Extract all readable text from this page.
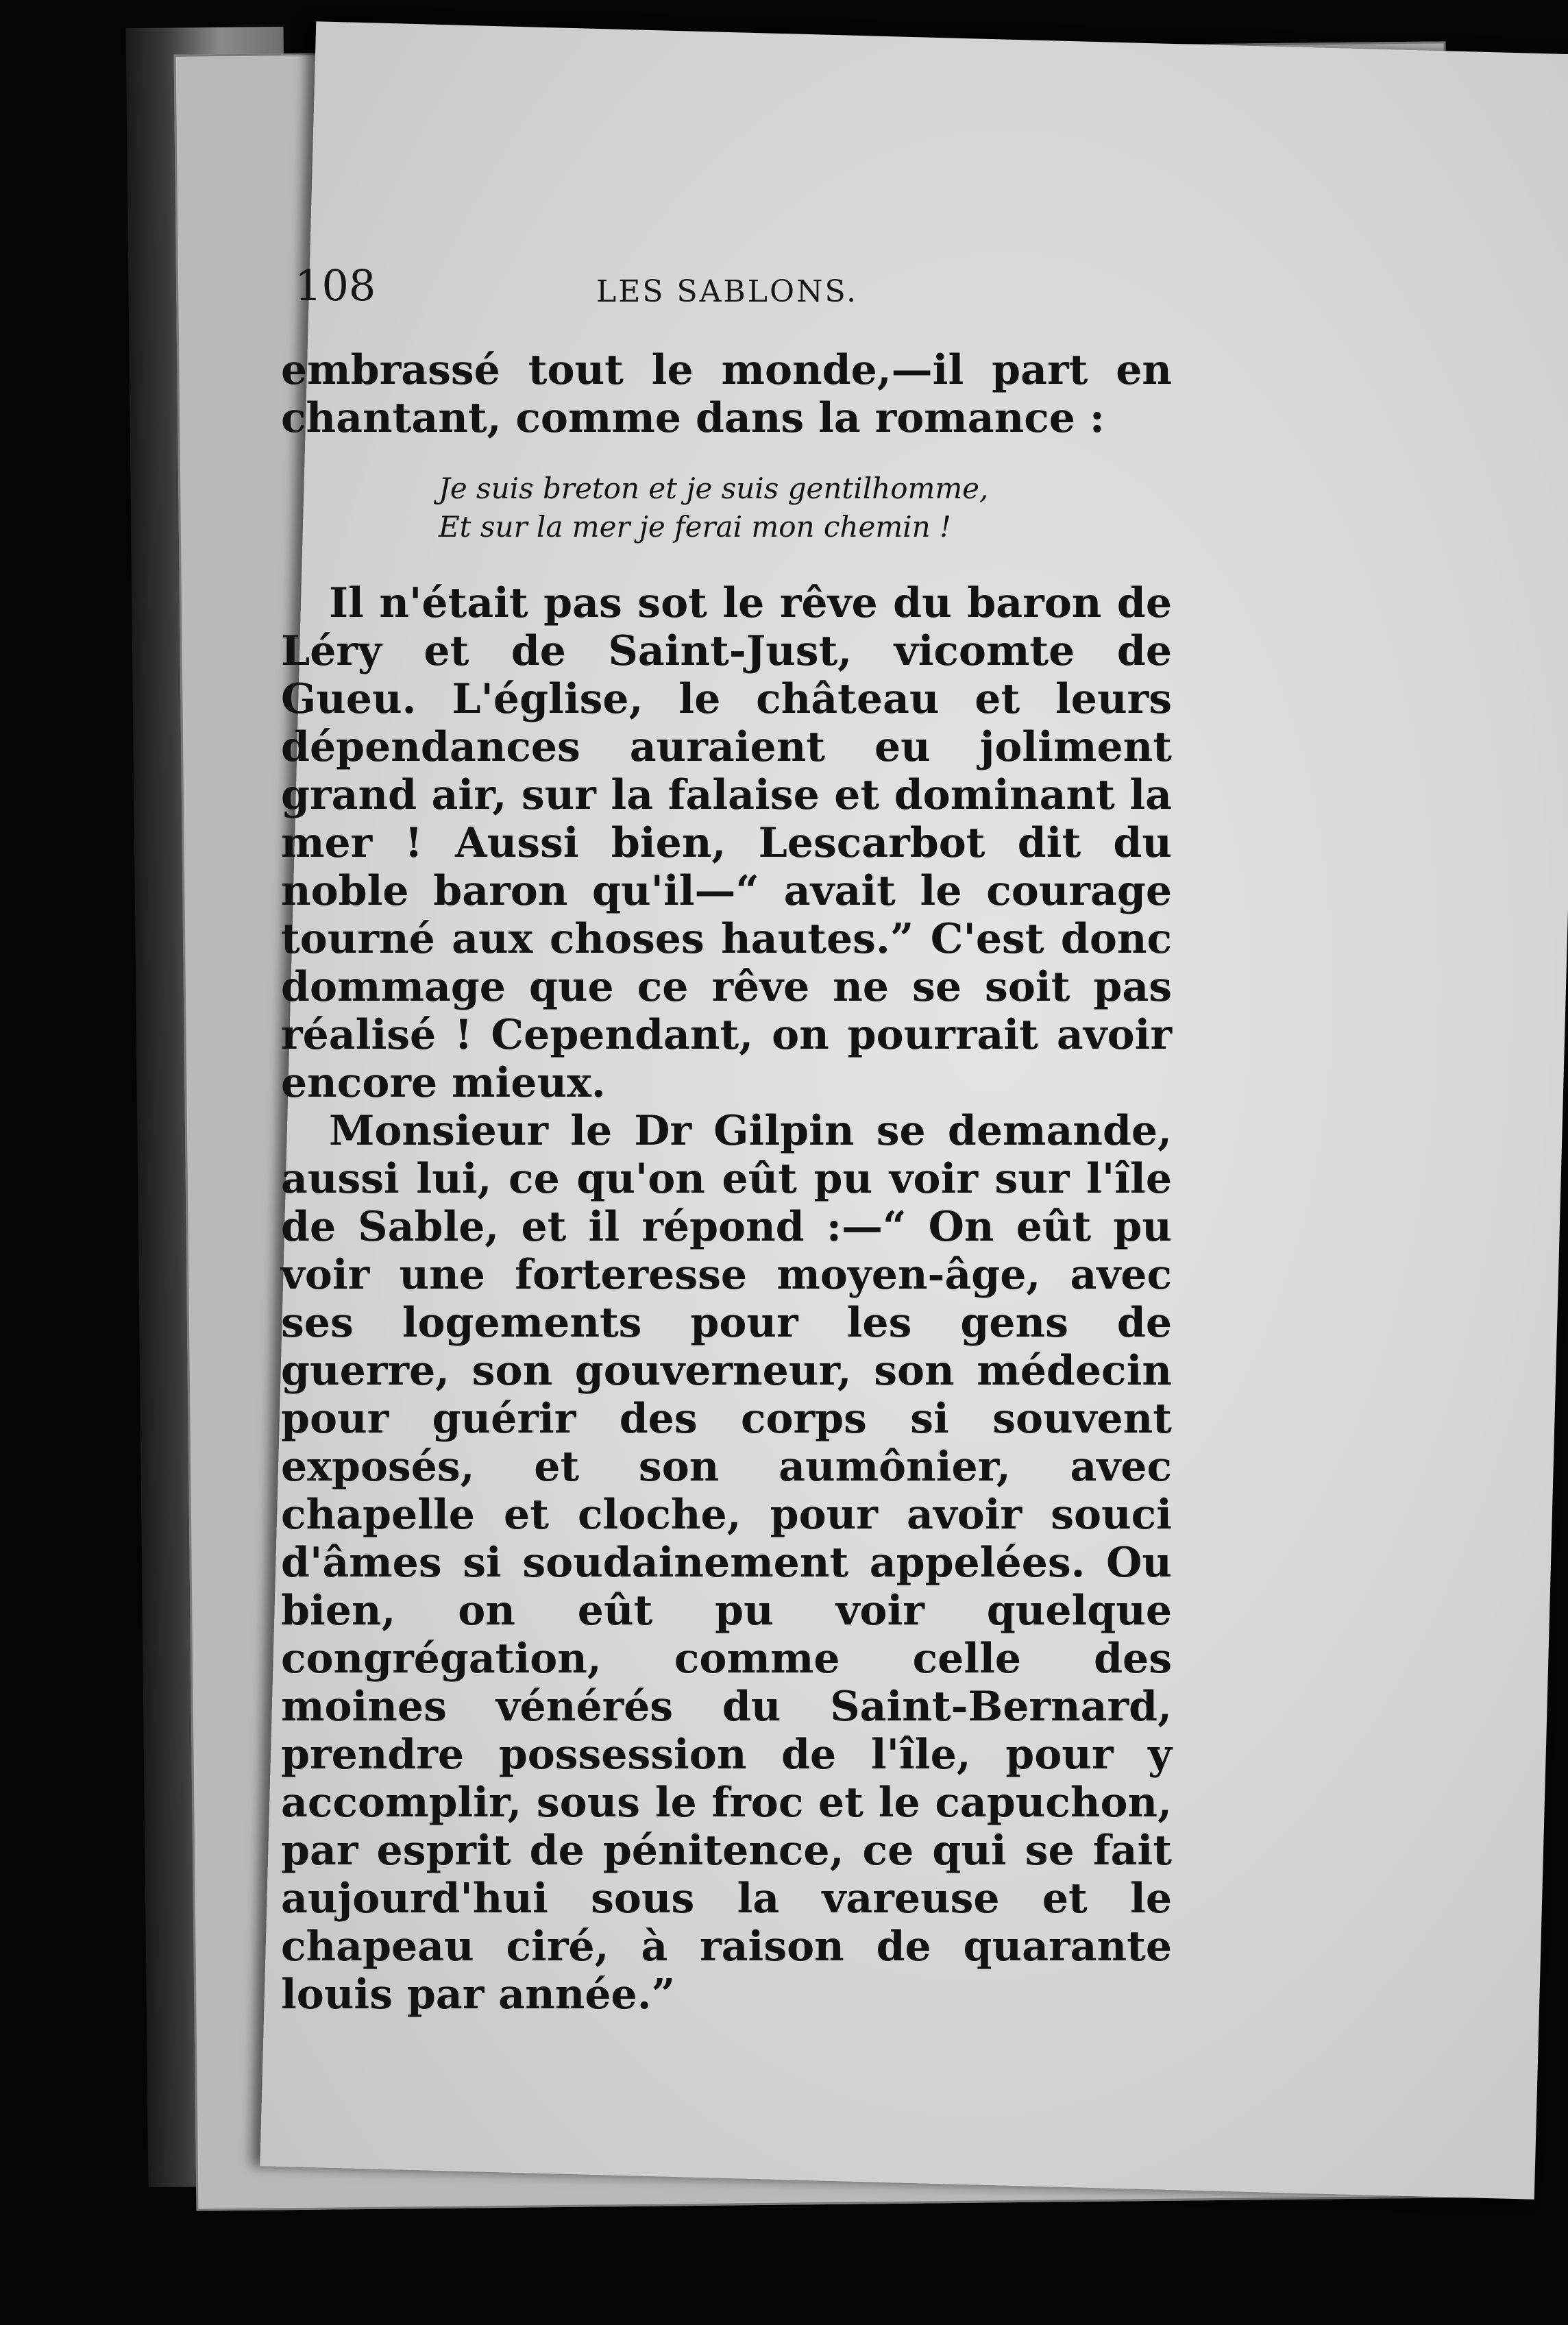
108	LES SABLONS.

embrassé tout le monde,—il part en chantant, comme dans la romance :

Je suis breton et je suis gentilhomme,
Et sur la mer je ferai mon chemin !

Il n'était pas sot le rêve du baron de Léry et de Saint-Just, vicomte de Gueu. L'église, le château et leurs dépendances auraient eu joliment grand air, sur la falaise et dominant la mer ! Aussi bien, Lescarbot dit du noble baron qu'il—“ avait le courage tourné aux choses hautes.” C'est donc dommage que ce rêve ne se soit pas réalisé ! Cependant, on pourrait avoir encore mieux.

Monsieur le Dr Gilpin se demande, aussi lui, ce qu'on eût pu voir sur l'île de Sable, et il répond :—“ On eût pu voir une forteresse moyen-âge, avec ses logements pour les gens de guerre, son gouverneur, son médecin pour guérir des corps si souvent exposés, et son aumônier, avec chapelle et cloche, pour avoir souci d'âmes si soudainement appelées. Ou bien, on eût pu voir quelque congrégation, comme celle des moines vénérés du Saint-Bernard, prendre possession de l'île, pour y accomplir, sous le froc et le capuchon, par esprit de pénitence, ce qui se fait aujourd'hui sous la vareuse et le chapeau ciré, à raison de quarante louis par année.”
